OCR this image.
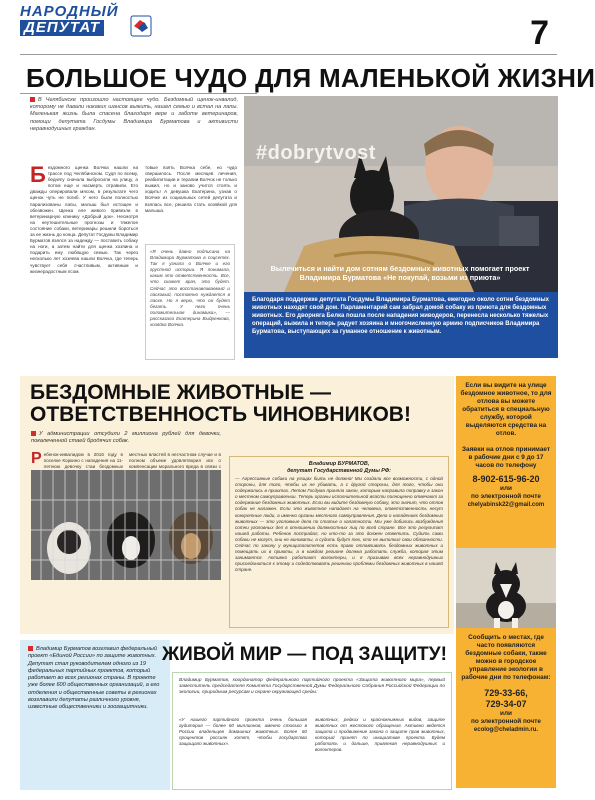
НАРОДНЫЙ
ДЕПУТАТ	7
БОЛЬШОЕ ЧУДО ДЛЯ МАЛЕНЬКОЙ ЖИЗНИ
В Челябинске произошло настоящее чудо. Бездомный щенок-инвалид, которому не давали никаких шансов выжить, нашел семью и встал на лапы. Маленькая жизнь была спасена благодаря вере и заботе ветеринаров, помощи депутата Госдумы Владимира Бурматова и активисти неравнодушных граждан.
Бездомного щенка Волчка нашли на трассе под Челябинском. Судя по всему, беднягу сначала выбросили на улицу, а потом еще и насмерть отравили. Его дважды оперировали мясом, в результате чего щенок чуть не погиб. У него были полностью парализованы лапы, малыш был истощен и обезвожен. Щенка еле живого привезли в ветеринарную клинику «Добрый док». Несмотря на неутешительные прогнозы и тяжелое состояние собаки, ветеринары решили бороться за ее жизнь до конца. Депутат Госдумы Владимир Бурматов взялся за надежду — поставить собаку на ноги, а затем найти для щенка хозяина и подарить ему любящую семью. Так через несколько лет хозяева нашли Волчка, где теперь чувствует себя счастливым, активным и жизнерадостным псом.
товые взять Волчка себе, но чудо свершилось. После месяцев лечения, реабилитации и терапии Волчок не только выжил, но и заново учится стоять и ходить! А девушка Екатерина, узнав о Волчке из социальных сетей депутата и взялась все, решила стать хозяйкой для малыша.
«Я очень давно подписана на Владимира Бурматова в соцсетях. Так я узнала о Волчке и его грустной истории. Я понимала, каким это ответственность. Все, что скажет врач, это будет. Сейчас это восстанавливаемый и ласковый, постоянно нуждается в ласке. Но я верю, что он будет бегать. У него очень положительная динамика», — рассказала Екатерина Выдренкова, хозяйка Волчка.
#dobrytvost
Вылечиться и найти дом сотням бездомных животных помогает проект Владимира Бурматова «Не покупай, возьми из приюта»

Благодаря поддержке депутата Госдумы Владимира Бурматова, ежегодно около сотни бездомных животных находят свой дом. Парламентарий сам забрал домой собаку из приюта для бездомных животных. Его дворняга Белка пошла после нападения живодеров, перенесла несколько тяжелых операций, выжила и теперь радует хозяина и многочисленную армию подписчиков Владимира Бурматова, выступающих за гуманное отношение к животным.

БЕЗДОМНЫЕ ЖИВОТНЫЕ —
ОТВЕТСТВЕННОСТЬ ЧИНОВНИКОВ!
У администрации отсудили 2 миллиона рублей для девочки, покалеченной стаей бродячих собак.
Ребенок-инвалидом в 2016 году в поселке Коркино с нападения на 11-летнюю девочку стаи бездомных
местных властей в несчастном случае и в полном объеме удовлетворил иск о компенсации морального вреда в связи с	Владимир БУРМАТОВ,
депутат Госудаpственной Думы РФ:
— Агрессивные собаки на улицах быть не должно! Мы создали все возможности, с одной стороны, для того, чтобы их не убивать, а с другой стороны, для того, чтобы они содержались в приютах. Летом Госдума приняла закон, которым направила поправку в закон о местном самоуправлении. Теперь органы исполнительной власти полноценно отвечают за содержание бездомных животных. Если вы видите бездомную собаку, это значит, что отлов собак не налажен. Если это животное нападает на человека, ответственность несут конкретные люди, а именно органы местного самоуправления. Дела о нападениях бездомных животных — это уголовные дела по статье о халатности. Мы уже добились возбуждения сотни уголовных дел в отношении должностных лиц по всей стране. Все это результат нашей работы. Ребенок пострадал, но кто-то за это должен ответить. Судить сами собаки не могут, они не виноваты, а судить будут тех, кто не выполнил свои обязанности. Сейчас по закону у муниципалитетов есть право отлавливать бездомных животных и помещать их в приюты, а в каждом регионе должна работать служба, которая этим занимается. Активно работают волонтеры, и я призываю всех неравнодушных присоединиться к этому и содействовать решению проблемы бездомных животных в нашей стране.
Если вы видите на улице бездомное животное, то для отлова вы можете обратиться в специальную службу, которой выделяются средства на отлов.
Заявки на отлов принимает в рабочие дни с 9 до 17 часов по телефону
8-902-615-96-20
или
по электронной почте
chelyabinsk22@gmail.com
Владимир Бурматов возглавил федеральный проект «Единой России» по защите животных. Депутат стал руководителем одного из 19 федеральных партийных проектов, который работает во всех регионах страны. В проекте уже более 600 общественных организаций, а его отделения и общественные советы в регионах возглавили депутаты различного уровня, известные общественники и зоозащитники.
ЖИВОЙ МИР — ПОД ЗАЩИТУ!
Владимир Бурматов, координатор федерального партийного проекта «Защита животного мира», первый заместитель председателя Комитета Государственной Думы Федерального Собрания Российской Федерации по экологии, природным ресурсам и охране окружающей среды:
«У нашего партийного проекта очень большая аудитория — более 60 миллионов, именно столько в России владельцев домашних животных. Более 60 процентов россиян хотят, чтобы государство защищало животных».
животных, редких и краснокнижных видов, защите животных от жестокого обращения. Активно ведется защита и продвижение закона о защите прав животных, который принят по инициативе проекта. Будем работать и дальше, привлекая неравнодушных и волонтеров.
Сообщить о местах, где часто появляются бездомные собаки, также можно в городское управление экологии в рабочие дни по телефонам:
729-33-66,
729-34-07
или
по электронной почте
ecolog@cheladmin.ru.
